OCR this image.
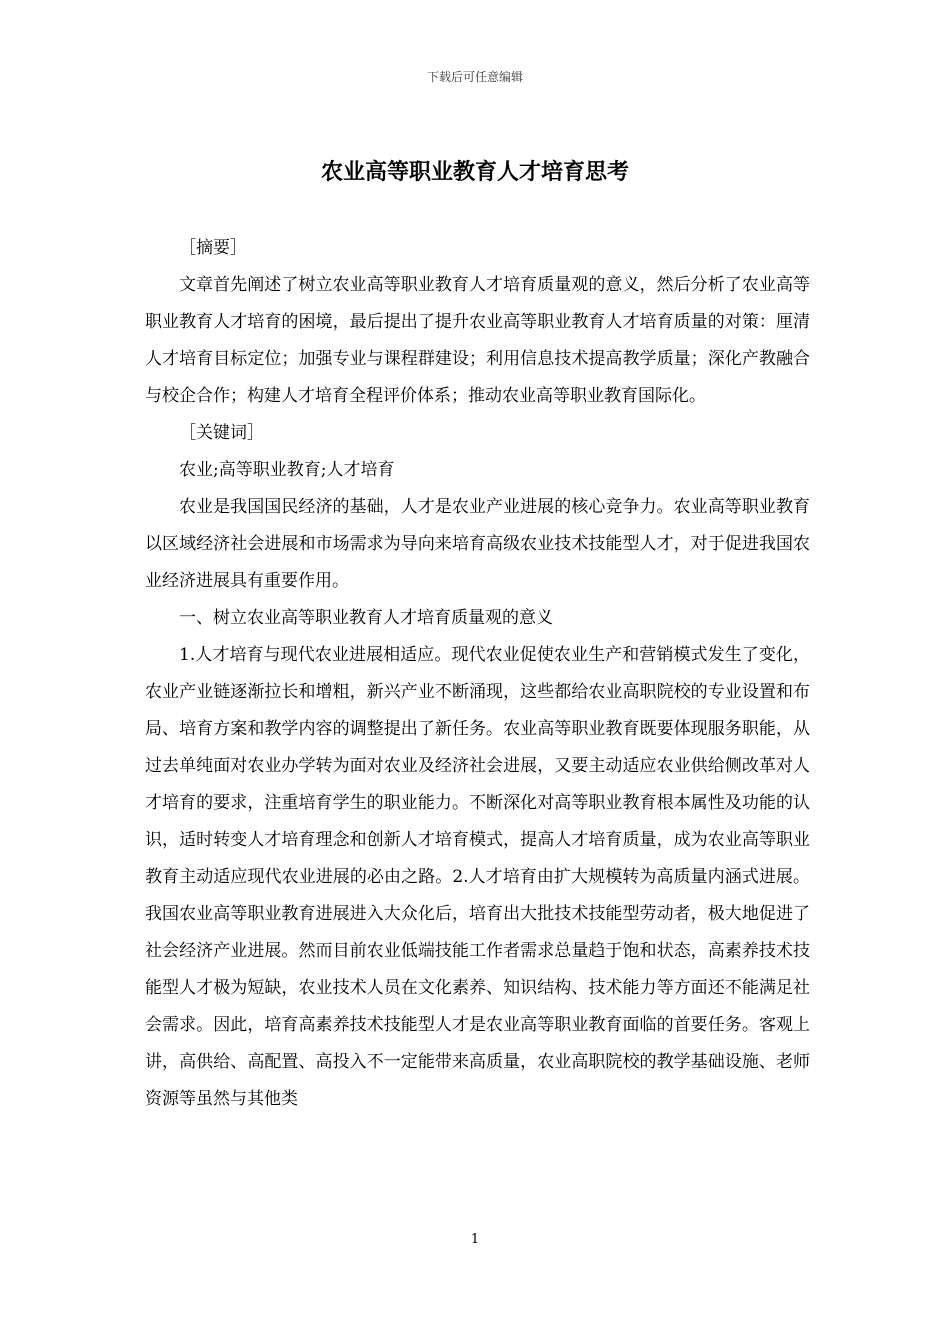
下载后可任意编辑
农业高等职业教育人才培育思考

［摘要］

文章首先阐述了树立农业高等职业教育人才培育质量观的意义，然后分析了农业高等职业教育人才培育的困境，最后提出了提升农业高等职业教育人才培育质量的对策：厘清人才培育目标定位；加强专业与课程群建设；利用信息技术提高教学质量；深化产教融合与校企合作；构建人才培育全程评价体系；推动农业高等职业教育国际化。

［关键词］

农业;高等职业教育;人才培育

农业是我国国民经济的基础，人才是农业产业进展的核心竞争力。农业高等职业教育以区域经济社会进展和市场需求为导向来培育高级农业技术技能型人才，对于促进我国农业经济进展具有重要作用。

一、树立农业高等职业教育人才培育质量观的意义

1.人才培育与现代农业进展相适应。现代农业促使农业生产和营销模式发生了变化，农业产业链逐渐拉长和增粗，新兴产业不断涌现，这些都给农业高职院校的专业设置和布局、培育方案和教学内容的调整提出了新任务。农业高等职业教育既要体现服务职能，从过去单纯面对农业办学转为面对农业及经济社会进展，又要主动适应农业供给侧改革对人才培育的要求，注重培育学生的职业能力。不断深化对高等职业教育根本属性及功能的认识，适时转变人才培育理念和创新人才培育模式，提高人才培育质量，成为农业高等职业教育主动适应现代农业进展的必由之路。2.人才培育由扩大规模转为高质量内涵式进展。我国农业高等职业教育进展进入大众化后，培育出大批技术技能型劳动者，极大地促进了社会经济产业进展。然而目前农业低端技能工作者需求总量趋于饱和状态，高素养技术技能型人才极为短缺，农业技术人员在文化素养、知识结构、技术能力等方面还不能满足社会需求。因此，培育高素养技术技能型人才是农业高等职业教育面临的首要任务。客观上讲，高供给、高配置、高投入不一定能带来高质量，农业高职院校的教学基础设施、老师资源等虽然与其他类

1
